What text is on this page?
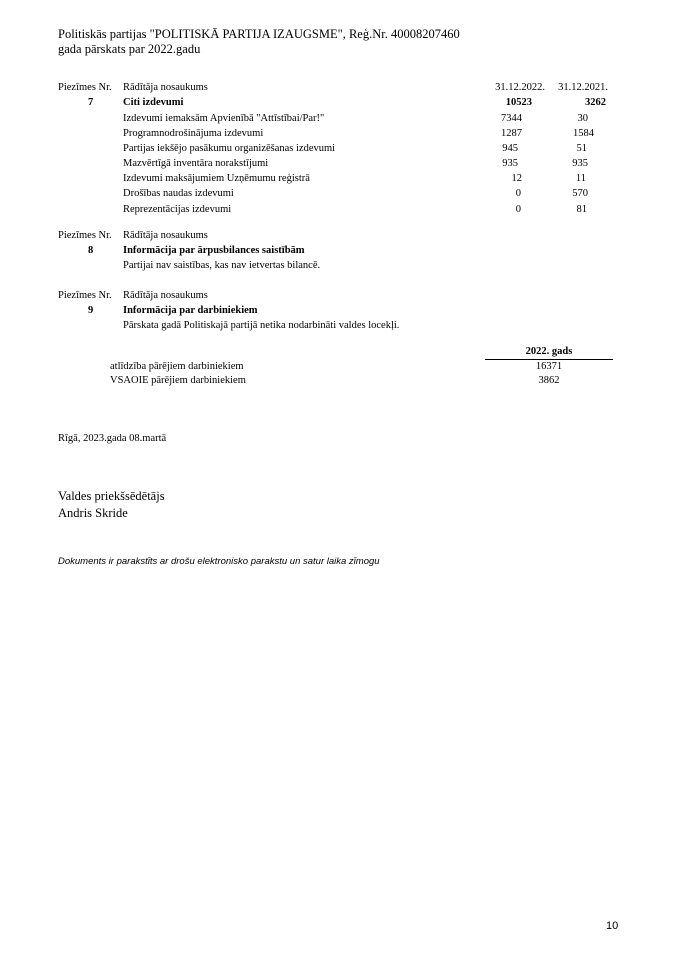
Politiskās partijas "POLITISKĀ PARTIJA IZAUGSME", Reģ.Nr. 40008207460
gada pārskats par 2022.gadu
Piezīmes Nr. Rādītāja nosaukums	31.12.2022.	31.12.2021.
7	Citi izdevumi	10523	3262
Izdevumi iemaksām Apvienībā "Attīstībai/Par!"	7344	30
Programnodrošinājuma izdevumi	1287	1584
Partijas iekšējo pasākumu organizēšanas izdevumi	945	51
Mazvērtīgā inventāra norakstījumi	935	935
Izdevumi maksājumiem Uzņēmumu reģistrā	12	11
Drošības naudas izdevumi	0	570
Reprezentācijas izdevumi	0	81
Piezīmes Nr. Rādītāja nosaukums
8	Informācija par ārpusbilances saistībām
Partijai nav saistības, kas nav ietvertas bilancē.
Piezīmes Nr. Rādītāja nosaukums
9	Informācija par darbiniekiem
Pārskata gadā Politiskajā partijā netika nodarbināti valdes locekļi.
2022. gads
atlīdzība pārējiem darbiniekiem	16371
VSAOIE pārējiem darbiniekiem	3862
Rīgā, 2023.gada 08.martā
Valdes priekšsēdētājs
Andris Skride
Dokuments ir parakstīts ar drošu elektronisko parakstu un satur laika zīmogu
10
